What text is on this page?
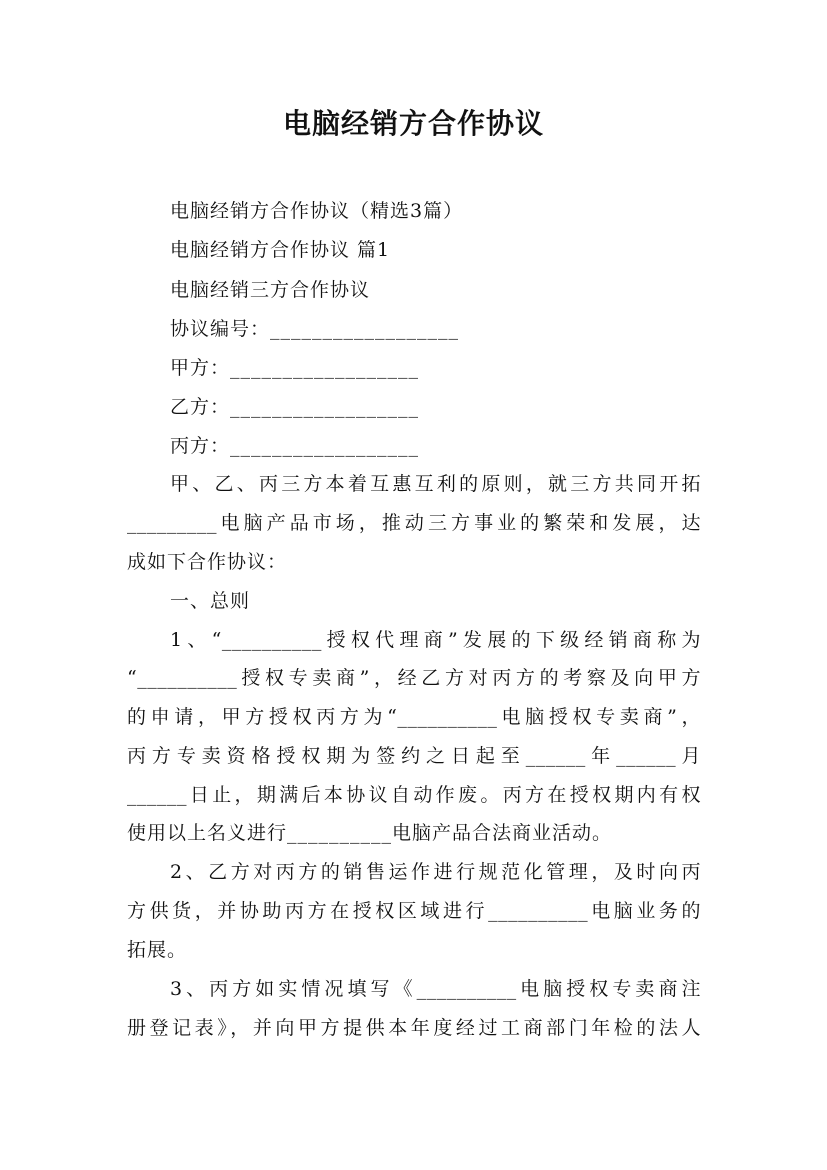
电脑经销方合作协议
电脑经销方合作协议（精选3篇）
电脑经销方合作协议 篇1
电脑经销三方合作协议
协议编号：__________________
甲方：__________________
乙方：__________________
丙方：__________________
甲、乙、丙三方本着互惠互利的原则，就三方共同开拓
_________电脑产品市场，推动三方事业的繁荣和发展，达
成如下合作协议：
一、总则
1、“__________授权代理商”发展的下级经销商称为
“__________授权专卖商”，经乙方对丙方的考察及向甲方
的申请，甲方授权丙方为“__________电脑授权专卖商”，
丙方专卖资格授权期为签约之日起至______年______月
______日止，期满后本协议自动作废。丙方在授权期内有权
使用以上名义进行__________电脑产品合法商业活动。
2、乙方对丙方的销售运作进行规范化管理，及时向丙
方供货，并协助丙方在授权区域进行__________电脑业务的
拓展。
3、丙方如实情况填写《__________电脑授权专卖商注
册登记表》，并向甲方提供本年度经过工商部门年检的法人
